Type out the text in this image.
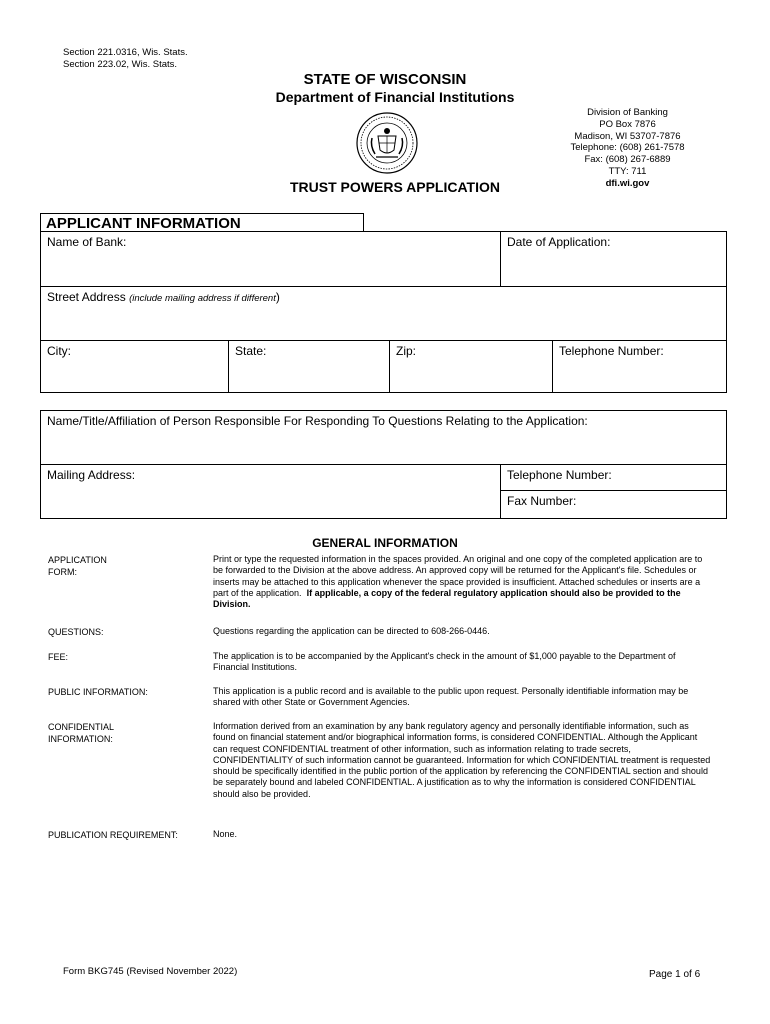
Section 221.0316, Wis. Stats.
Section 223.02, Wis. Stats.
STATE OF WISCONSIN
Department of Financial Institutions
Division of Banking
PO Box 7876
Madison, WI 53707-7876
Telephone: (608) 261-7578
Fax: (608) 267-6889
TTY: 711
dfi.wi.gov
TRUST POWERS APPLICATION
APPLICANT INFORMATION
Name of Bank:	Date of Application:
Street Address (include mailing address if different)
City:	State:	Zip:	Telephone Number:
Name/Title/Affiliation of Person Responsible For Responding To Questions Relating to the Application:
Mailing Address:	Telephone Number:
Fax Number:
GENERAL INFORMATION
APPLICATION
FORM:
Print or type the requested information in the spaces provided. An original and one copy of the completed application are to be forwarded to the Division at the above address. An approved copy will be returned for the Applicant's file. Schedules or inserts may be attached to this application whenever the space provided is insufficient. Attached schedules or inserts are a part of the application. If applicable, a copy of the federal regulatory application should also be provided to the Division.
QUESTIONS:	Questions regarding the application can be directed to 608-266-0446.
FEE:	The application is to be accompanied by the Applicant's check in the amount of $1,000 payable to the Department of Financial Institutions.
PUBLIC INFORMATION:	This application is a public record and is available to the public upon request. Personally identifiable information may be shared with other State or Government Agencies.
CONFIDENTIAL
INFORMATION:
Information derived from an examination by any bank regulatory agency and personally identifiable information, such as found on financial statement and/or biographical information forms, is considered CONFIDENTIAL. Although the Applicant can request CONFIDENTIAL treatment of other information, such as information relating to trade secrets, CONFIDENTIALITY of such information cannot be guaranteed. Information for which CONFIDENTIAL treatment is requested should be specifically identified in the public portion of the application by referencing the CONFIDENTIAL section and should be separately bound and labeled CONFIDENTIAL. A justification as to why the information is considered CONFIDENTIAL should also be provided.
PUBLICATION REQUIREMENT:	None.
Form BKG745 (Revised November 2022)	Page 1 of 6
